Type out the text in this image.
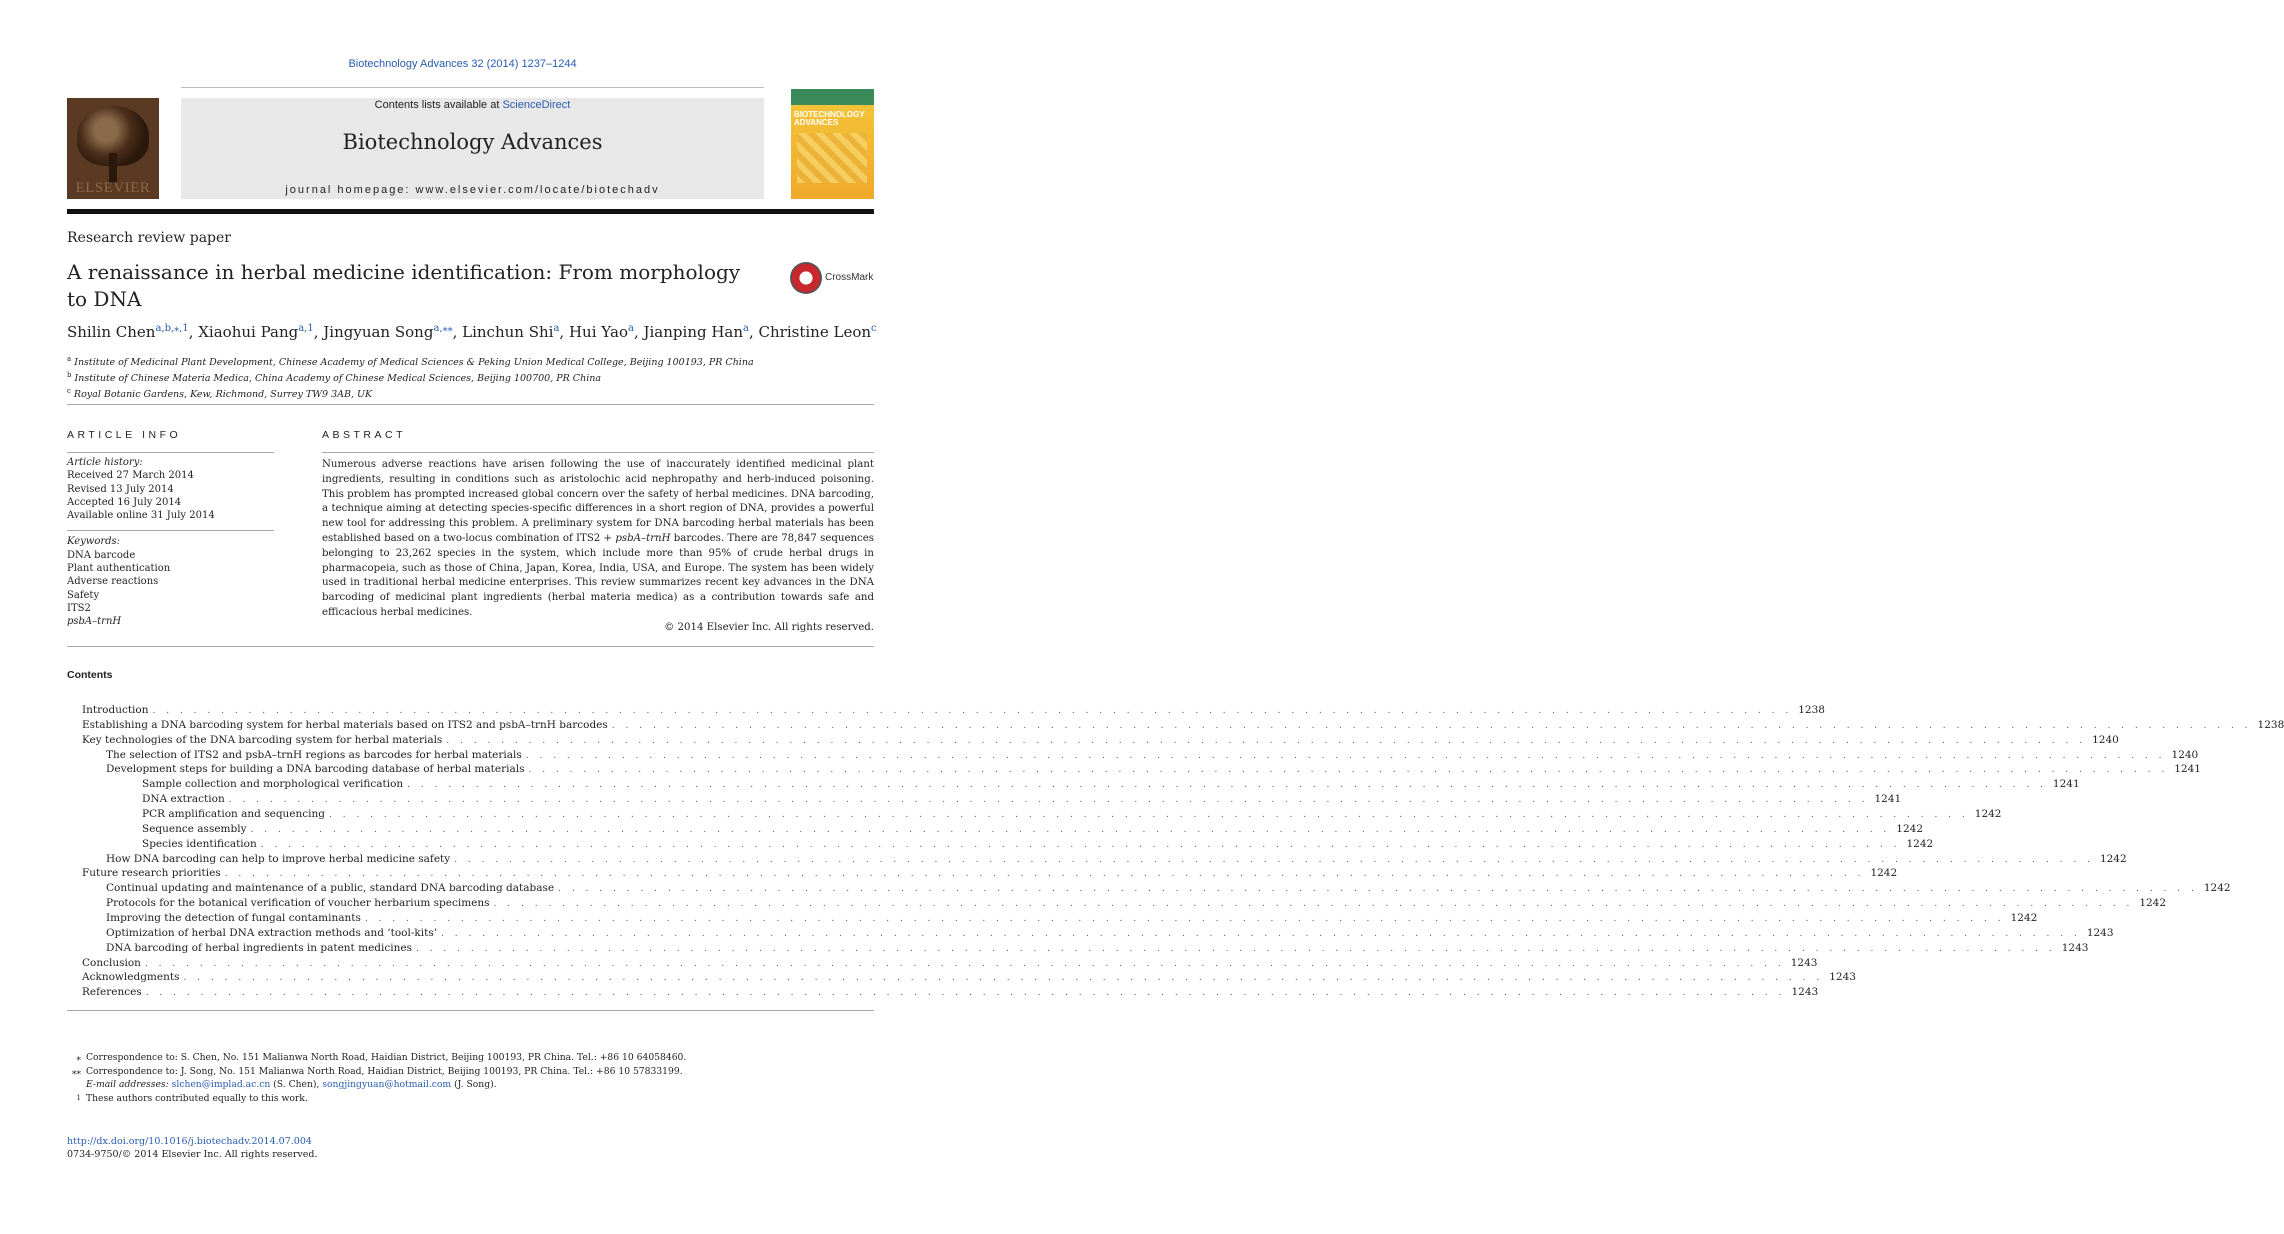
Biotechnology Advances 32 (2014) 1237–1244
ELSEVIER
Contents lists available at ScienceDirect
Biotechnology Advances
journal homepage: www.elsevier.com/locate/biotechadv
BIOTECHNOLOGY ADVANCES
Research review paper
A renaissance in herbal medicine identification: From morphology to DNA
CrossMark
Shilin Chen$^{a,b,⁎,1}$, Xiaohui Pang$^{a,1}$, Jingyuan Song$^{a,⁎⁎}$, Linchun Shi$^a$, Hui Yao$^a$, Jianping Han$^a$, Christine Leon$^c$
$^a$ Institute of Medicinal Plant Development, Chinese Academy of Medical Sciences & Peking Union Medical College, Beijing 100193, PR China
$^b$ Institute of Chinese Materia Medica, China Academy of Chinese Medical Sciences, Beijing 100700, PR China
$^c$ Royal Botanic Gardens, Kew, Richmond, Surrey TW9 3AB, UK
ARTICLE INFO
Article history:
Received 27 March 2014
Revised 13 July 2014
Accepted 16 July 2014
Available online 31 July 2014
Keywords:
DNA barcode
Plant authentication
Adverse reactions
Safety
ITS2
psbA–trnH
ABSTRACT
Numerous adverse reactions have arisen following the use of inaccurately identified medicinal plant ingredients, resulting in conditions such as aristolochic acid nephropathy and herb-induced poisoning. This problem has prompted increased global concern over the safety of herbal medicines. DNA barcoding, a technique aiming at detecting species-specific differences in a short region of DNA, provides a powerful new tool for addressing this problem. A preliminary system for DNA barcoding herbal materials has been established based on a two-locus combination of ITS2 + psbA–trnH barcodes. There are 78,847 sequences belonging to 23,262 species in the system, which include more than 95% of crude herbal drugs in pharmacopeia, such as those of China, Japan, Korea, India, USA, and Europe. The system has been widely used in traditional herbal medicine enterprises. This review summarizes recent key advances in the DNA barcoding of medicinal plant ingredients (herbal materia medica) as a contribution towards safe and efficacious herbal medicines.
© 2014 Elsevier Inc. All rights reserved.
Contents
Introduction . . . . . . . . . . . . . . . . . . . . . . . . . . . . . . . . . . . . . . . . . . . . . . . . . . . . . . . . . . . . . . . . . . . . . . . . . . . . . . . . . . . . . . . . . . . . . . . . . . . . . . . . . . . . . . . . . . . . . . . . 1238
Establishing a DNA barcoding system for herbal materials based on ITS2 and psbA–trnH barcodes . . . . . . . . . . . . . . . . . . . . . . . . . . . . . . . . . . . . . . . . . . . . . . . . . . . . . . . . . . . . . . . . . . . . . . . . . . . . . . . . . . . . . . . . . . . . . . . . . . . . . . . . . . . . . . . . . . . . . . . . 1238
Key technologies of the DNA barcoding system for herbal materials . . . . . . . . . . . . . . . . . . . . . . . . . . . . . . . . . . . . . . . . . . . . . . . . . . . . . . . . . . . . . . . . . . . . . . . . . . . . . . . . . . . . . . . . . . . . . . . . . . . . . . . . . . . . . . . . . . . . . . . . 1240
The selection of ITS2 and psbA–trnH regions as barcodes for herbal materials . . . . . . . . . . . . . . . . . . . . . . . . . . . . . . . . . . . . . . . . . . . . . . . . . . . . . . . . . . . . . . . . . . . . . . . . . . . . . . . . . . . . . . . . . . . . . . . . . . . . . . . . . . . . . . . . . . . . . . . . 1240
Development steps for building a DNA barcoding database of herbal materials . . . . . . . . . . . . . . . . . . . . . . . . . . . . . . . . . . . . . . . . . . . . . . . . . . . . . . . . . . . . . . . . . . . . . . . . . . . . . . . . . . . . . . . . . . . . . . . . . . . . . . . . . . . . . . . . . . . . . . . . 1241
Sample collection and morphological verification . . . . . . . . . . . . . . . . . . . . . . . . . . . . . . . . . . . . . . . . . . . . . . . . . . . . . . . . . . . . . . . . . . . . . . . . . . . . . . . . . . . . . . . . . . . . . . . . . . . . . . . . . . . . . . . . . . . . . . . . 1241
DNA extraction . . . . . . . . . . . . . . . . . . . . . . . . . . . . . . . . . . . . . . . . . . . . . . . . . . . . . . . . . . . . . . . . . . . . . . . . . . . . . . . . . . . . . . . . . . . . . . . . . . . . . . . . . . . . . . . . . . . . . . . . 1241
PCR amplification and sequencing . . . . . . . . . . . . . . . . . . . . . . . . . . . . . . . . . . . . . . . . . . . . . . . . . . . . . . . . . . . . . . . . . . . . . . . . . . . . . . . . . . . . . . . . . . . . . . . . . . . . . . . . . . . . . . . . . . . . . . . . 1242
Sequence assembly . . . . . . . . . . . . . . . . . . . . . . . . . . . . . . . . . . . . . . . . . . . . . . . . . . . . . . . . . . . . . . . . . . . . . . . . . . . . . . . . . . . . . . . . . . . . . . . . . . . . . . . . . . . . . . . . . . . . . . . . 1242
Species identification . . . . . . . . . . . . . . . . . . . . . . . . . . . . . . . . . . . . . . . . . . . . . . . . . . . . . . . . . . . . . . . . . . . . . . . . . . . . . . . . . . . . . . . . . . . . . . . . . . . . . . . . . . . . . . . . . . . . . . . . 1242
How DNA barcoding can help to improve herbal medicine safety . . . . . . . . . . . . . . . . . . . . . . . . . . . . . . . . . . . . . . . . . . . . . . . . . . . . . . . . . . . . . . . . . . . . . . . . . . . . . . . . . . . . . . . . . . . . . . . . . . . . . . . . . . . . . . . . . . . . . . . . 1242
Future research priorities . . . . . . . . . . . . . . . . . . . . . . . . . . . . . . . . . . . . . . . . . . . . . . . . . . . . . . . . . . . . . . . . . . . . . . . . . . . . . . . . . . . . . . . . . . . . . . . . . . . . . . . . . . . . . . . . . . . . . . . . 1242
Continual updating and maintenance of a public, standard DNA barcoding database . . . . . . . . . . . . . . . . . . . . . . . . . . . . . . . . . . . . . . . . . . . . . . . . . . . . . . . . . . . . . . . . . . . . . . . . . . . . . . . . . . . . . . . . . . . . . . . . . . . . . . . . . . . . . . . . . . . . . . . . 1242
Protocols for the botanical verification of voucher herbarium specimens . . . . . . . . . . . . . . . . . . . . . . . . . . . . . . . . . . . . . . . . . . . . . . . . . . . . . . . . . . . . . . . . . . . . . . . . . . . . . . . . . . . . . . . . . . . . . . . . . . . . . . . . . . . . . . . . . . . . . . . . 1242
Improving the detection of fungal contaminants . . . . . . . . . . . . . . . . . . . . . . . . . . . . . . . . . . . . . . . . . . . . . . . . . . . . . . . . . . . . . . . . . . . . . . . . . . . . . . . . . . . . . . . . . . . . . . . . . . . . . . . . . . . . . . . . . . . . . . . . 1242
Optimization of herbal DNA extraction methods and ‘tool-kits’ . . . . . . . . . . . . . . . . . . . . . . . . . . . . . . . . . . . . . . . . . . . . . . . . . . . . . . . . . . . . . . . . . . . . . . . . . . . . . . . . . . . . . . . . . . . . . . . . . . . . . . . . . . . . . . . . . . . . . . . . 1243
DNA barcoding of herbal ingredients in patent medicines . . . . . . . . . . . . . . . . . . . . . . . . . . . . . . . . . . . . . . . . . . . . . . . . . . . . . . . . . . . . . . . . . . . . . . . . . . . . . . . . . . . . . . . . . . . . . . . . . . . . . . . . . . . . . . . . . . . . . . . . 1243
Conclusion . . . . . . . . . . . . . . . . . . . . . . . . . . . . . . . . . . . . . . . . . . . . . . . . . . . . . . . . . . . . . . . . . . . . . . . . . . . . . . . . . . . . . . . . . . . . . . . . . . . . . . . . . . . . . . . . . . . . . . . . 1243
Acknowledgments . . . . . . . . . . . . . . . . . . . . . . . . . . . . . . . . . . . . . . . . . . . . . . . . . . . . . . . . . . . . . . . . . . . . . . . . . . . . . . . . . . . . . . . . . . . . . . . . . . . . . . . . . . . . . . . . . . . . . . . . 1243
References . . . . . . . . . . . . . . . . . . . . . . . . . . . . . . . . . . . . . . . . . . . . . . . . . . . . . . . . . . . . . . . . . . . . . . . . . . . . . . . . . . . . . . . . . . . . . . . . . . . . . . . . . . . . . . . . . . . . . . . . 1243
⁎ Correspondence to: S. Chen, No. 151 Malianwa North Road, Haidian District, Beijing 100193, PR China. Tel.: +86 10 64058460.
⁎⁎ Correspondence to: J. Song, No. 151 Malianwa North Road, Haidian District, Beijing 100193, PR China. Tel.: +86 10 57833199.
E-mail addresses: slchen@implad.ac.cn (S. Chen), songjingyuan@hotmail.com (J. Song).
1 These authors contributed equally to this work.
http://dx.doi.org/10.1016/j.biotechadv.2014.07.004
0734-9750/© 2014 Elsevier Inc. All rights reserved.
